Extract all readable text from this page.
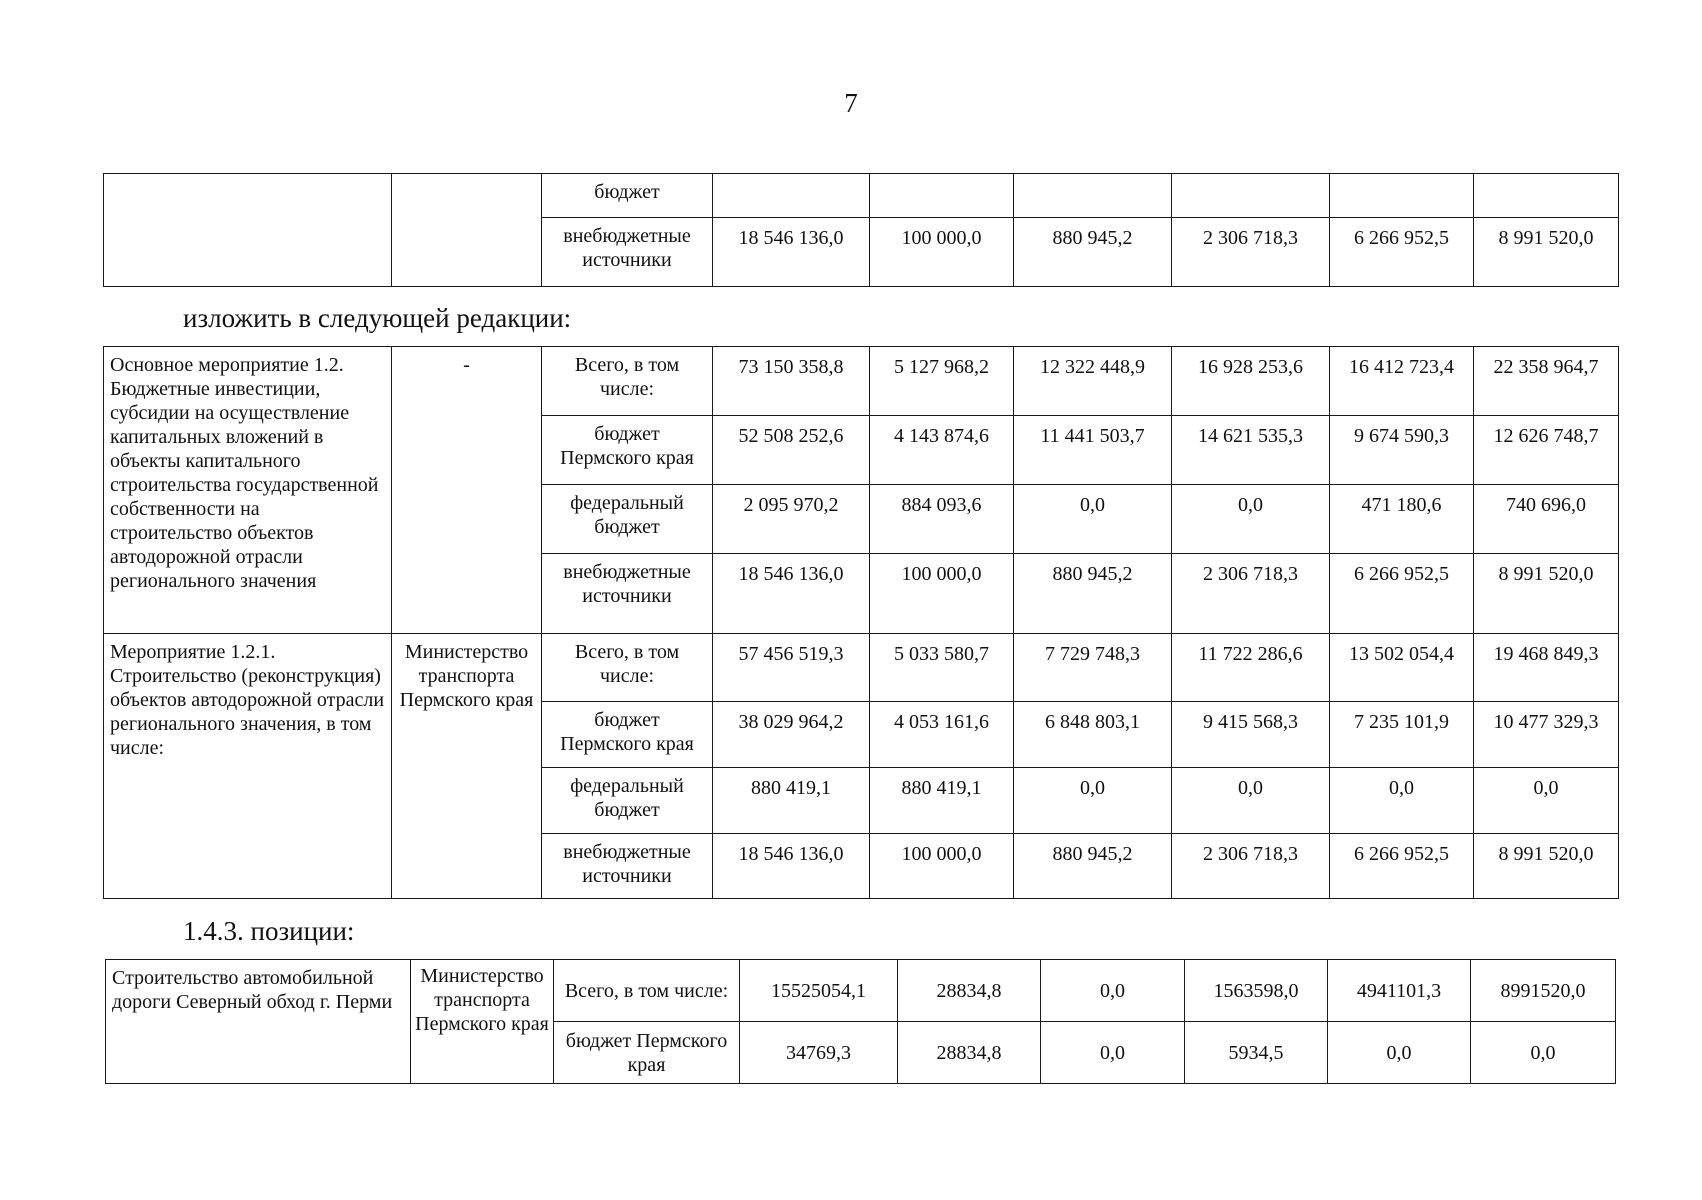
7
		бюджет						
		внебюджетные источники	18 546 136,0	100 000,0	880 945,2	2 306 718,3	6 266 952,5	8 991 520,0
изложить в следующей редакции:
Основное мероприятие 1.2. Бюджетные инвестиции, субсидии на осуществление капитальных вложений в объекты капитального строительства государственной собственности на строительство объектов автодорожной отрасли регионального значения	-	Всего, в том числе:	73 150 358,8	5 127 968,2	12 322 448,9	16 928 253,6	16 412 723,4	22 358 964,7
		бюджет Пермского края	52 508 252,6	4 143 874,6	11 441 503,7	14 621 535,3	9 674 590,3	12 626 748,7
		федеральный бюджет	2 095 970,2	884 093,6	0,0	0,0	471 180,6	740 696,0
		внебюджетные источники	18 546 136,0	100 000,0	880 945,2	2 306 718,3	6 266 952,5	8 991 520,0
Мероприятие 1.2.1. Строительство (реконструкция) объектов автодорожной отрасли регионального значения, в том числе:	Министерство транспорта Пермского края	Всего, в том числе:	57 456 519,3	5 033 580,7	7 729 748,3	11 722 286,6	13 502 054,4	19 468 849,3
		бюджет Пермского края	38 029 964,2	4 053 161,6	6 848 803,1	9 415 568,3	7 235 101,9	10 477 329,3
		федеральный бюджет	880 419,1	880 419,1	0,0	0,0	0,0	0,0
		внебюджетные источники	18 546 136,0	100 000,0	880 945,2	2 306 718,3	6 266 952,5	8 991 520,0
1.4.3. позиции:
Строительство автомобильной дороги Северный обход г. Перми	Министерство транспорта Пермского края	Всего, в том числе:	15525054,1	28834,8	0,0	1563598,0	4941101,3	8991520,0
		бюджет Пермского края	34769,3	28834,8	0,0	5934,5	0,0	0,0
